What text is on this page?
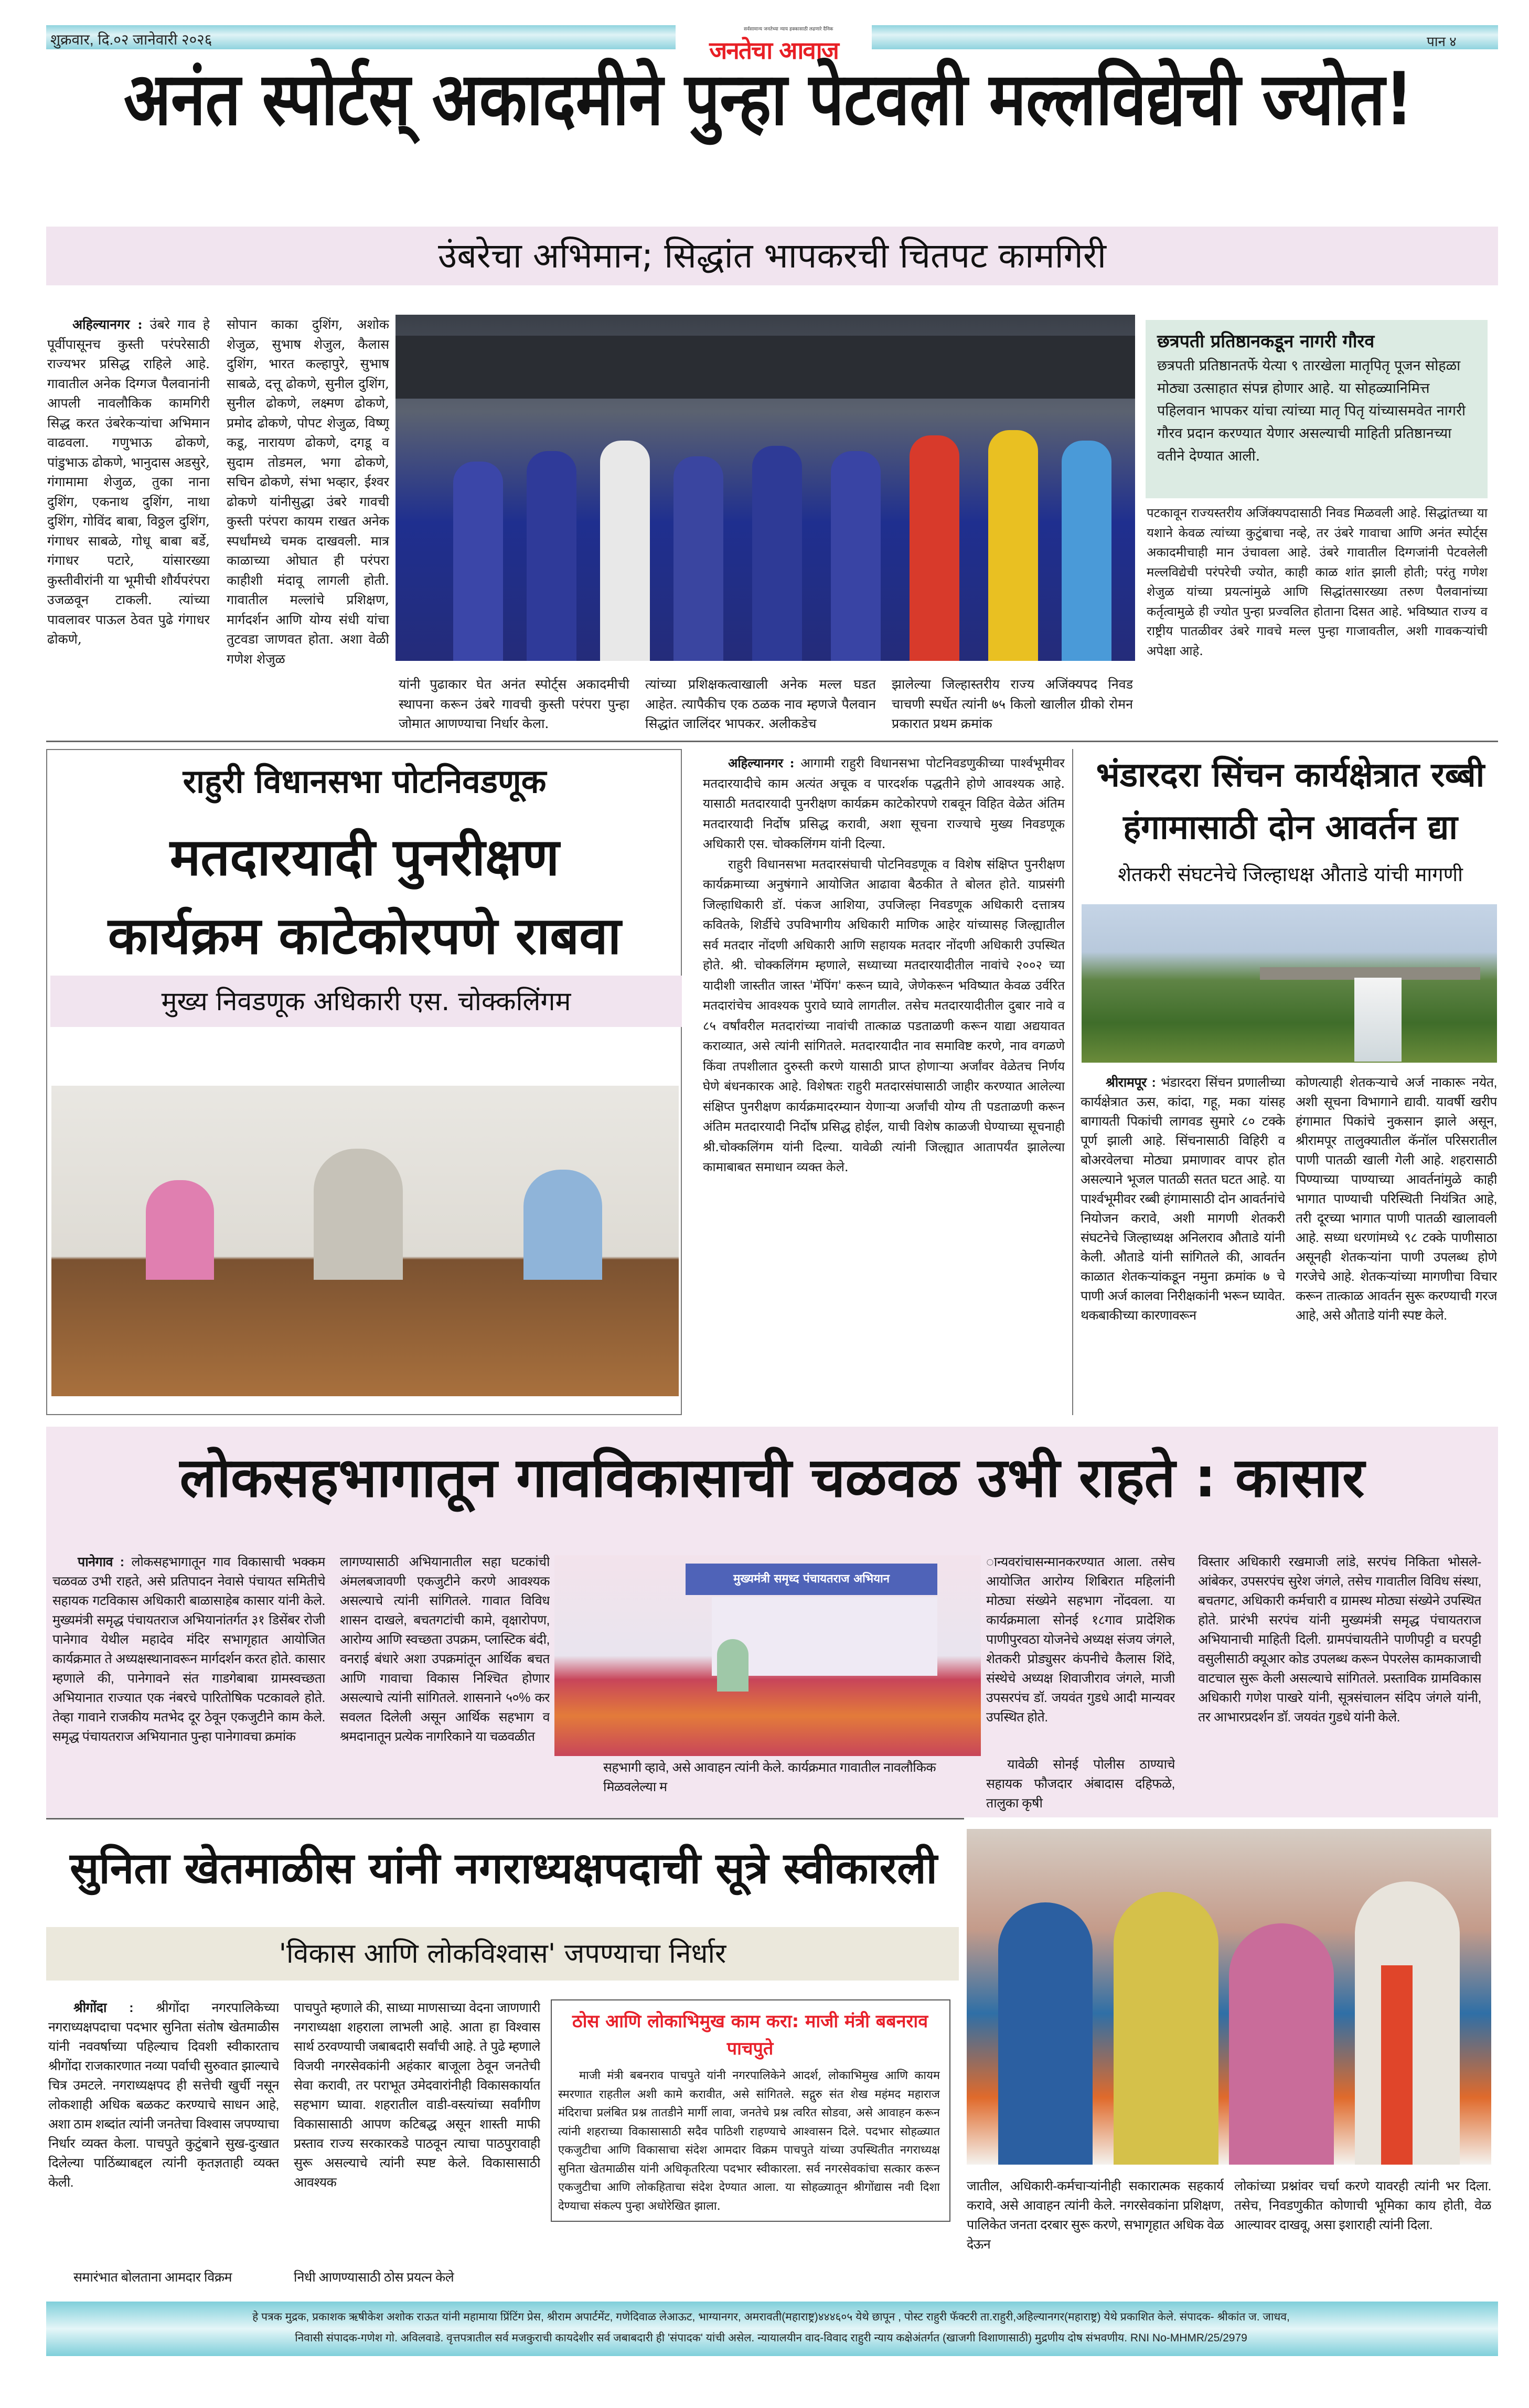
शुक्रवार, दि.०२ जानेवारी २०२६
सर्वसामान्य जनतेच्या न्याय हक्कासाठी लढणारे दैनिक
जनतेचा आवाज	पान ४
अनंत स्पोर्टस् अकादमीने पुन्हा पेटवली मल्लविद्येची ज्योत!
उंबरेचा अभिमान; सिद्धांत भापकरची चितपट कामगिरी
अहिल्यानगर : उंबरे गाव हे पूर्वीपासूनच कुस्ती परंपरेसाठी राज्यभर प्रसिद्ध राहिले आहे. गावातील अनेक दिग्गज पैलवानांनी आपली नावलौकिक कामगिरी सिद्ध करत उंबरेकऱ्यांचा अभिमान वाढवला. गणुभाऊ ढोकणे, पांडुभाऊ ढोकणे, भानुदास अडसुरे, गंगामामा शेजुळ, तुका नाना दुशिंग, एकनाथ दुशिंग, नाथा दुशिंग, गोविंद बाबा, विठ्ठल दुशिंग, गंगाधर साबळे, गोधू बाबा बर्डे, गंगाधर पटारे, यांसारख्या कुस्तीवीरांनी या भूमीची शौर्यपरंपरा उजळवून टाकली. त्यांच्या पावलावर पाऊल ठेवत पुढे गंगाधर ढोकणे,
सोपान काका दुशिंग, अशोक शेजुळ, सुभाष शेजुल, कैलास दुशिंग, भारत कल्हापुरे, सुभाष साबळे, दत्तू ढोकणे, सुनील दुशिंग, सुनील ढोकणे, लक्ष्मण ढोकणे, प्रमोद ढोकणे, पोपट शेजुळ, विष्णू कडू, नारायण ढोकणे, दगडू व सुदाम तोडमल, भगा ढोकणे, सचिन ढोकणे, संभा भव्हार, ईश्वर ढोकणे यांनीसुद्धा उंबरे गावची कुस्ती परंपरा कायम राखत अनेक स्पर्धांमध्ये चमक दाखवली. मात्र काळाच्या ओघात ही परंपरा काहीशी मंदावू लागली होती. गावातील मल्लांचे प्रशिक्षण, मार्गदर्शन आणि योग्य संधी यांचा तुटवडा जाणवत होता. अशा वेळी गणेश शेजुळ
यांनी पुढाकार घेत अनंत स्पोर्ट्स अकादमीची स्थापना करून उंबरे गावची कुस्ती परंपरा पुन्हा जोमात आणण्याचा निर्धार केला.
त्यांच्या प्रशिक्षकत्वाखाली अनेक मल्ल घडत आहेत. त्यापैकीच एक ठळक नाव म्हणजे पैलवान सिद्धांत जालिंदर भापकर. अलीकडेच
झालेल्या जिल्हास्तरीय राज्य अजिंक्यपद निवड चाचणी स्पर्धेत त्यांनी ७५ किलो खालील ग्रीको रोमन प्रकारात प्रथम क्रमांक
छत्रपती प्रतिष्ठानकडून नागरी गौरव
छत्रपती प्रतिष्ठानतर्फे येत्या ९ तारखेला मातृपितृ पूजन सोहळा मोठ्या उत्साहात संपन्न होणार आहे. या सोहळ्यानिमित्त पहिलवान भापकर यांचा त्यांच्या मातृ पितृ यांच्यासमवेत नागरी गौरव प्रदान करण्यात येणार असल्याची माहिती प्रतिष्ठानच्या वतीने देण्यात आली.
पटकावून राज्यस्तरीय अजिंक्यपदासाठी निवड मिळवली आहे. सिद्धांतच्या या यशाने केवळ त्यांच्या कुटुंबाचा नव्हे, तर उंबरे गावाचा आणि अनंत स्पोर्ट्स अकादमीचाही मान उंचावला आहे. उंबरे गावातील दिग्गजांनी पेटवलेली मल्लविद्येची परंपरेची ज्योत, काही काळ शांत झाली होती; परंतु गणेश शेजुळ यांच्या प्रयत्नांमुळे आणि सिद्धांतसारख्या तरुण पैलवानांच्या कर्तृत्वामुळे ही ज्योत पुन्हा प्रज्वलित होताना दिसत आहे. भविष्यात राज्य व राष्ट्रीय पातळीवर उंबरे गावचे मल्ल पुन्हा गाजावतील, अशी गावकऱ्यांची अपेक्षा आहे.
राहुरी विधानसभा पोटनिवडणूक
मतदारयादी पुनरीक्षण
कार्यक्रम काटेकोरपणे राबवा
मुख्य निवडणूक अधिकारी एस. चोक्कलिंगम

अहिल्यानगर : आगामी राहुरी विधानसभा पोटनिवडणुकीच्या पार्श्वभूमीवर मतदारयादीचे काम अत्यंत अचूक व पारदर्शक पद्धतीने होणे आवश्यक आहे. यासाठी मतदारयादी पुनरीक्षण कार्यक्रम काटेकोरपणे राबवून विहित वेळेत अंतिम मतदारयादी निर्दोष प्रसिद्ध करावी, अशा सूचना राज्याचे मुख्य निवडणूक अधिकारी एस. चोक्कलिंगम यांनी दिल्या.

राहुरी विधानसभा मतदारसंघाची पोटनिवडणूक व विशेष संक्षिप्त पुनरीक्षण कार्यक्रमाच्या अनुषंगाने आयोजित आढावा बैठकीत ते बोलत होते. याप्रसंगी जिल्हाधिकारी डॉ. पंकज आशिया, उपजिल्हा निवडणूक अधिकारी दत्तात्रय कवितके, शिर्डीचे उपविभागीय अधिकारी माणिक आहेर यांच्यासह जिल्ह्यातील सर्व मतदार नोंदणी अधिकारी आणि सहायक मतदार नोंदणी अधिकारी उपस्थित होते. श्री. चोक्कलिंगम म्हणाले, सध्याच्या मतदारयादीतील नावांचे २००२ च्या यादीशी जास्तीत जास्त 'मॅपिंग' करून घ्यावे, जेणेकरून भविष्यात केवळ उर्वरित मतदारांचेच आवश्यक पुरावे घ्यावे लागतील. तसेच मतदारयादीतील दुबार नावे व ८५ वर्षांवरील मतदारांच्या नावांची तात्काळ पडताळणी करून याद्या अद्ययावत कराव्यात, असे त्यांनी सांगितले. मतदारयादीत नाव समाविष्ट करणे, नाव वगळणे किंवा तपशीलात दुरुस्ती करणे यासाठी प्राप्त होणाऱ्या अर्जांवर वेळेतच निर्णय घेणे बंधनकारक आहे. विशेषतः राहुरी मतदारसंघासाठी जाहीर करण्यात आलेल्या संक्षिप्त पुनरीक्षण कार्यक्रमादरम्यान येणाऱ्या अर्जांची योग्य ती पडताळणी करून अंतिम मतदारयादी निर्दोष प्रसिद्ध होईल, याची विशेष काळजी घेण्याच्या सूचनाही श्री.चोक्कलिंगम यांनी दिल्या. यावेळी त्यांनी जिल्ह्यात आतापर्यंत झालेल्या कामाबाबत समाधान व्यक्त केले.

भंडारदरा सिंचन कार्यक्षेत्रात रब्बी हंगामासाठी दोन आवर्तन द्या
शेतकरी संघटनेचे जिल्हाधक्ष औताडे यांची मागणी
श्रीरामपूर : भंडारदरा सिंचन प्रणालीच्या कार्यक्षेत्रात ऊस, कांदा, गहू, मका यांसह बागायती पिकांची लागवड सुमारे ८० टक्के पूर्ण झाली आहे. सिंचनासाठी विहिरी व बोअरवेलचा मोठ्या प्रमाणावर वापर होत असल्याने भूजल पातळी सतत घटत आहे. या पार्श्वभूमीवर रब्बी हंगामासाठी दोन आवर्तनांचे नियोजन करावे, अशी मागणी शेतकरी संघटनेचे जिल्हाध्यक्ष अनिलराव औताडे यांनी केली. औताडे यांनी सांगितले की, आवर्तन काळात शेतकऱ्यांकडून नमुना क्रमांक ७ चे पाणी अर्ज कालवा निरीक्षकांनी भरून घ्यावेत. थकबाकीच्या कारणावरून
कोणत्याही शेतकऱ्याचे अर्ज नाकारू नयेत, अशी सूचना विभागाने द्यावी. यावर्षी खरीप हंगामात पिकांचे नुकसान झाले असून, श्रीरामपूर तालुक्यातील कॅनॉल परिसरातील पाणी पातळी खाली गेली आहे. शहरासाठी पिण्याच्या पाण्याच्या आवर्तनांमुळे काही भागात पाण्याची परिस्थिती नियंत्रित आहे, तरी दूरच्या भागात पाणी पातळी खालावली आहे. सध्या धरणांमध्ये ९८ टक्के पाणीसाठा असूनही शेतकऱ्यांना पाणी उपलब्ध होणे गरजेचे आहे. शेतकऱ्यांच्या मागणीचा विचार करून तात्काळ आवर्तन सुरू करण्याची गरज आहे, असे औताडे यांनी स्पष्ट केले.
लोकसहभागातून गावविकासाची चळवळ उभी राहते : कासार
पानेगाव : लोकसहभागातून गाव विकासाची भक्कम चळवळ उभी राहते, असे प्रतिपादन नेवासे पंचायत समितीचे सहायक गटविकास अधिकारी बाळासाहेब कासार यांनी केले. मुख्यमंत्री समृद्ध पंचायतराज अभियानांतर्गत ३१ डिसेंबर रोजी पानेगाव येथील महादेव मंदिर सभागृहात आयोजित कार्यक्रमात ते अध्यक्षस्थानावरून मार्गदर्शन करत होते. कासार म्हणाले की, पानेगावने संत गाडगेबाबा ग्रामस्वच्छता अभियानात राज्यात एक नंबरचे पारितोषिक पटकावले होते. तेव्हा गावाने राजकीय मतभेद दूर ठेवून एकजुटीने काम केले. समृद्ध पंचायतराज अभियानात पुन्हा पानेगावचा क्रमांक
लागण्यासाठी अभियानातील सहा घटकांची अंमलबजावणी एकजुटीने करणे आवश्यक असल्याचे त्यांनी सांगितले. गावात विविध शासन दाखले, बचतगटांची कामे, वृक्षारोपण, आरोग्य आणि स्वच्छता उपक्रम, प्लास्टिक बंदी, वनराई बंधारे अशा उपक्रमांतून आर्थिक बचत आणि गावाचा विकास निश्चित होणार असल्याचे त्यांनी सांगितले. शासनाने ५०% कर सवलत दिलेली असून आर्थिक सहभाग व श्रमदानातून प्रत्येक नागरिकाने या चळवळीत
मुख्यमंत्री समृध्द पंचायतराज अभियान
सहभागी व्हावे, असे आवाहन त्यांनी केले. कार्यक्रमात गावातील नावलौकिक मिळवलेल्या म
ान्यवरांचासन्मानकरण्यात आला. तसेच आयोजित आरोग्य शिबिरात महिलांनी मोठ्या संख्येने सहभाग नोंदवला. या कार्यक्रमाला सोनई १८गाव प्रादेशिक पाणीपुरवठा योजनेचे अध्यक्ष संजय जंगले, शेतकरी प्रोड्युसर कंपनीचे कैलास शिंदे, संस्थेचे अध्यक्ष शिवाजीराव जंगले, माजी उपसरपंच डॉ. जयवंत गुडधे आदी मान्यवर उपस्थित होते.
यावेळी सोनई पोलीस ठाण्याचे सहायक फौजदार अंबादास दहिफळे, तालुका कृषी
विस्तार अधिकारी रखमाजी लांडे, सरपंच निकिता भोसले-आंबेकर, उपसरपंच सुरेश जंगले, तसेच गावातील विविध संस्था, बचतगट, अधिकारी कर्मचारी व ग्रामस्थ मोठ्या संख्येने उपस्थित होते. प्रारंभी सरपंच यांनी मुख्यमंत्री समृद्ध पंचायतराज अभियानाची माहिती दिली. ग्रामपंचायतीने पाणीपट्टी व घरपट्टी वसुलीसाठी क्यूआर कोड उपलब्ध करून पेपरलेस कामकाजाची वाटचाल सुरू केली असल्याचे सांगितले. प्रस्ताविक ग्रामविकास अधिकारी गणेश पाखरे यांनी, सूत्रसंचालन संदिप जंगले यांनी, तर आभारप्रदर्शन डॉ. जयवंत गुडधे यांनी केले.
सुनिता खेतमाळीस यांनी नगराध्यक्षपदाची सूत्रे स्वीकारली
'विकास आणि लोकविश्वास' जपण्याचा निर्धार
श्रीगोंदा : श्रीगोंदा नगरपालिकेच्या नगराध्यक्षपदाचा पदभार सुनिता संतोष खेतमाळीस यांनी नववर्षाच्या पहिल्याच दिवशी स्वीकारताच श्रीगोंदा राजकारणात नव्या पर्वाची सुरुवात झाल्याचे चित्र उमटले. नगराध्यक्षपद ही सत्तेची खुर्ची नसून लोकशाही अधिक बळकट करण्याचे साधन आहे, अशा ठाम शब्दांत त्यांनी जनतेचा विश्वास जपण्याचा निर्धार व्यक्त केला. पाचपुते कुटुंबाने सुख-दुःखात दिलेल्या पाठिंब्याबद्दल त्यांनी कृतज्ञताही व्यक्त केली.
समारंभात बोलताना आमदार विक्रम
पाचपुते म्हणाले की, साध्या माणसाच्या वेदना जाणणारी नगराध्यक्षा शहराला लाभली आहे. आता हा विश्वास सार्थ ठरवण्याची जबाबदारी सर्वांची आहे. ते पुढे म्हणाले विजयी नगरसेवकांनी अहंकार बाजूला ठेवून जनतेची सेवा करावी, तर पराभूत उमेदवारांनीही विकासकार्यात सहभाग घ्यावा. शहरातील वाडी-वस्त्यांच्या सर्वांगीण विकासासाठी आपण कटिबद्ध असून शास्ती माफी प्रस्ताव राज्य सरकारकडे पाठवून त्याचा पाठपुरावाही सुरू असल्याचे त्यांनी स्पष्ट केले. विकासासाठी आवश्यक
निधी आणण्यासाठी ठोस प्रयत्न केले
ठोस आणि लोकाभिमुख काम करा: माजी मंत्री बबनराव पाचपुते
माजी मंत्री बबनराव पाचपुते यांनी नगरपालिकेने आदर्श, लोकाभिमुख आणि कायम स्मरणात राहतील अशी कामे करावीत, असे सांगितले. सद्गुरु संत शेख महंमद महाराज मंदिराचा प्रलंबित प्रश्न तातडीने मार्गी लावा, जनतेचे प्रश्न त्वरित सोडवा, असे आवाहन करून त्यांनी शहराच्या विकासासाठी सदैव पाठिशी राहण्याचे आश्वासन दिले. पदभार सोहळ्यात एकजुटीचा आणि विकासाचा संदेश आमदार विक्रम पाचपुते यांच्या उपस्थितीत नगराध्यक्ष सुनिता खेतमाळीस यांनी अधिकृतरित्या पदभार स्वीकारला. सर्व नगरसेवकांचा सत्कार करून एकजुटीचा आणि लोकहिताचा संदेश देण्यात आला. या सोहळ्यातून श्रीगोंद्यास नवी दिशा देण्याचा संकल्प पुन्हा अधोरेखित झाला.
जातील, अधिकारी-कर्मचाऱ्यांनीही सकारात्मक सहकार्य करावे, असे आवाहन त्यांनी केले. नगरसेवकांना प्रशिक्षण, पालिकेत जनता दरबार सुरू करणे, सभागृहात अधिक वेळ देऊन
लोकांच्या प्रश्नांवर चर्चा करणे यावरही त्यांनी भर दिला. तसेच, निवडणुकीत कोणाची भूमिका काय होती, वेळ आल्यावर दाखवू, असा इशाराही त्यांनी दिला.
हे पत्रक मुद्रक, प्रकाशक ऋषीकेश अशोक राऊत यांनी महामाया प्रिंटिंग प्रेस, श्रीराम अपार्टमेंट, गणेदिवाळ लेआऊट, भाग्यानगर, अमरावती(महाराष्ट्र)४४४६०५ येथे छापून , पोस्ट राहुरी फॅक्टरी ता.राहुरी,अहिल्यानगर(महाराष्ट्र) येथे प्रकाशित केले. संपादक- श्रीकांत ज. जाधव,
निवासी संपादक-गणेश गो. अविलवाडे. वृत्तपत्रातील सर्व मजकुराची कायदेशीर सर्व जबाबदारी ही 'संपादक' यांची असेल. न्यायालयीन वाद-विवाद राहुरी न्याय कक्षेअंतर्गत (खाजगी विशाणासाठी) मुद्रणीय दोष संभवणीय. RNI No-MHMR/25/2979
